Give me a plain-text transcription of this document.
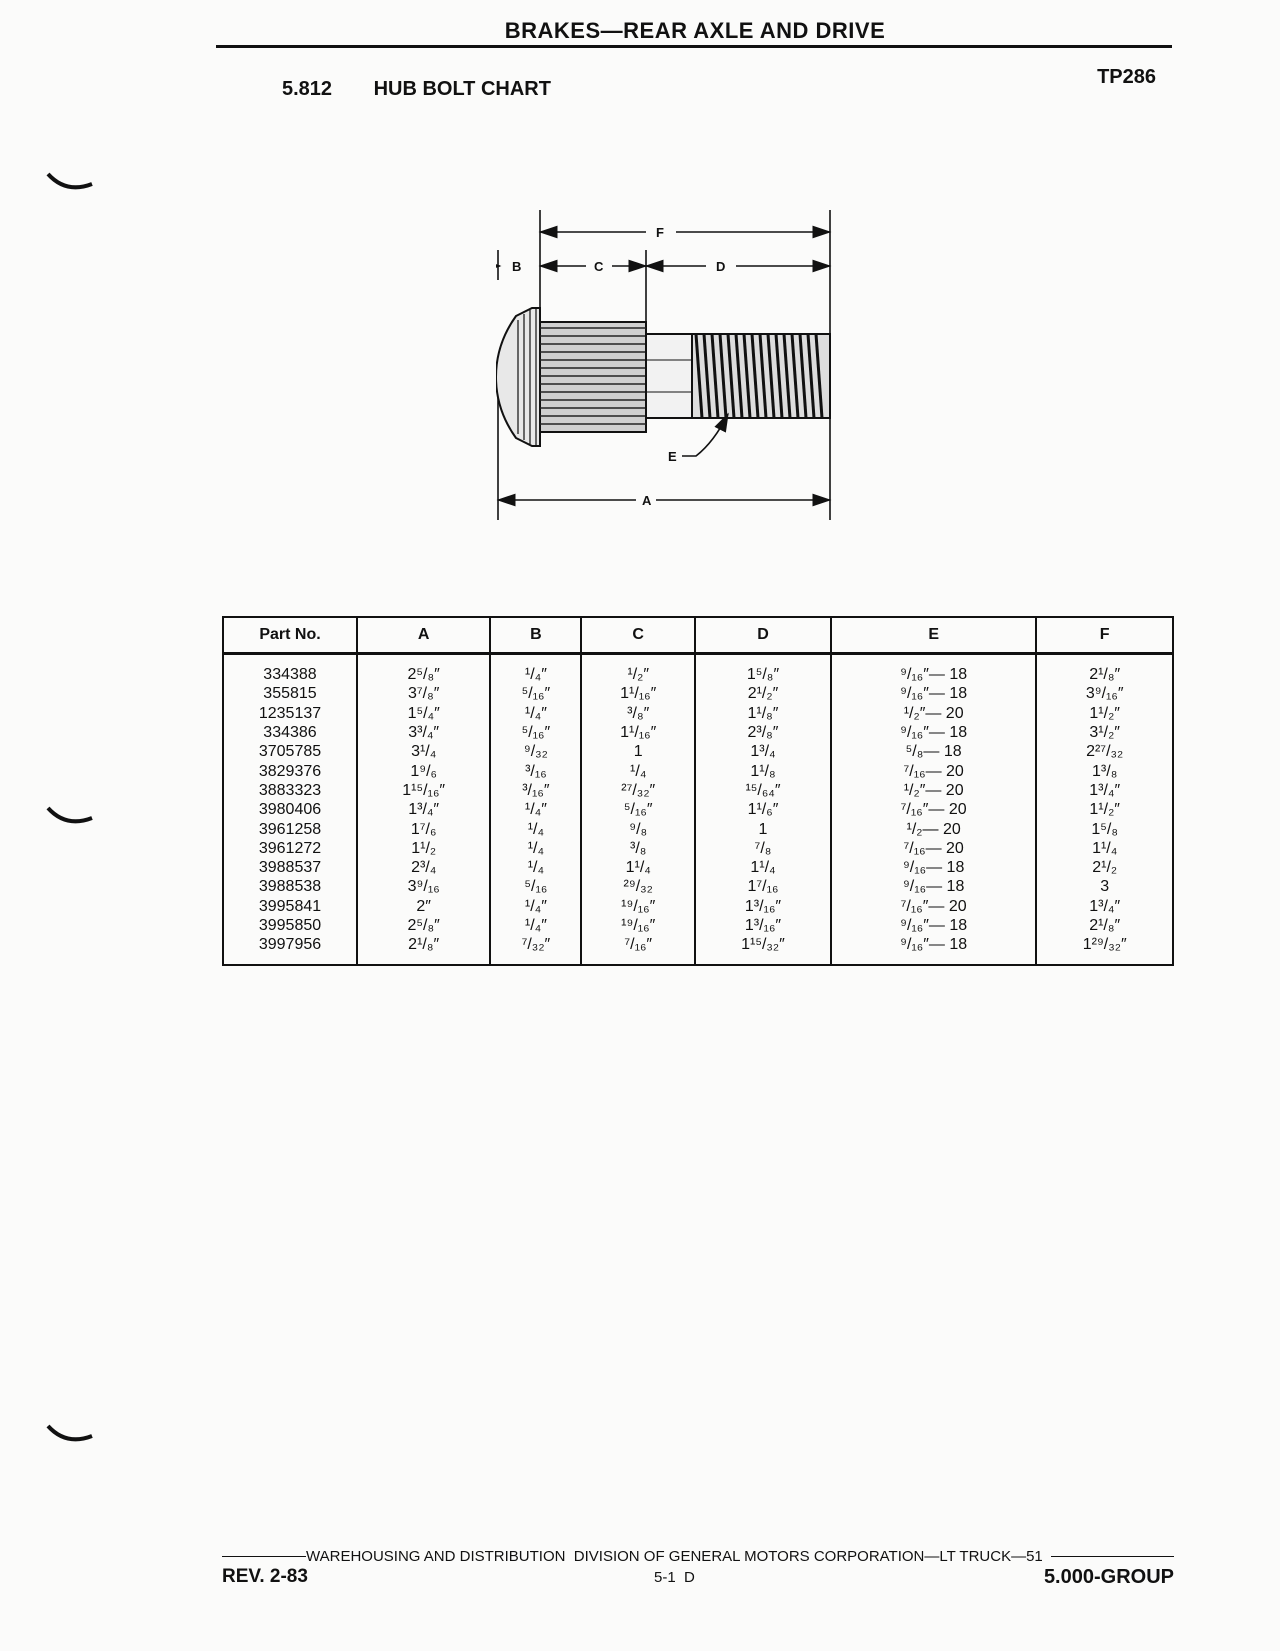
BRAKES—REAR AXLE AND DRIVE
5.812 HUB BOLT CHART
TP286
F
C	D
B
E
A
Part No.	A	B	C	D	E	F
334388	2⁵/₈″	¹/₄″	¹/₂″	1⁵/₈″	⁹/₁₆″— 18	2¹/₈″
355815	3⁷/₈″	⁵/₁₆″	1¹/₁₆″	2¹/₂″	⁹/₁₆″— 18	3⁹/₁₆″
1235137	1⁵/₄″	¹/₄″	³/₈″	1¹/₈″	¹/₂″— 20	1¹/₂″
334386	3³/₄″	⁵/₁₆″	1¹/₁₆″	2³/₈″	⁹/₁₆″— 18	3¹/₂″
3705785	3¹/₄	⁹/₃₂	1	1³/₄	⁵/₈— 18	2²⁷/₃₂
3829376	1⁹/₆	³/₁₆	¹/₄	1¹/₈	⁷/₁₆— 20	1³/₈
3883323	1¹⁵/₁₆″	³/₁₆″	²⁷/₃₂″	¹⁵/₆₄″	¹/₂″— 20	1³/₄″
3980406	1³/₄″	¹/₄″	⁵/₁₆″	1¹/₆″	⁷/₁₆″— 20	1¹/₂″
3961258	1⁷/₆	¹/₄	⁹/₈	1	¹/₂— 20	1⁵/₈
3961272	1¹/₂	¹/₄	³/₈	⁷/₈	⁷/₁₆— 20	1¹/₄
3988537	2³/₄	¹/₄	1¹/₄	1¹/₄	⁹/₁₆— 18	2¹/₂
3988538	3⁹/₁₆	⁵/₁₆	²⁹/₃₂	1⁷/₁₆	⁹/₁₆— 18	3
3995841	2″	¹/₄″	¹⁹/₁₆″	1³/₁₆″	⁷/₁₆″— 20	1³/₄″
3995850	2⁵/₈″	¹/₄″	¹⁹/₁₆″	1³/₁₆″	⁹/₁₆″— 18	2¹/₈″
3997956	2¹/₈″	⁷/₃₂″	⁷/₁₆″	1¹⁵/₃₂″	⁹/₁₆″— 18	1²⁹/₃₂″
WAREHOUSING AND DISTRIBUTION  DIVISION OF GENERAL MOTORS CORPORATION—LT TRUCK—51
REV. 2-83	5-1  D	5.000-GROUP
